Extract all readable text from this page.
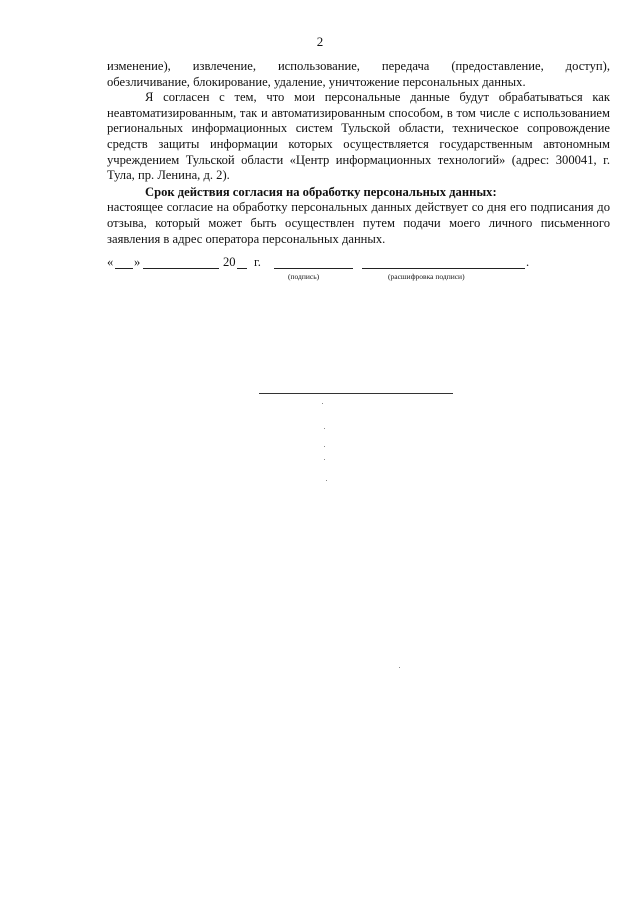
2

изменение),      извлечение,      использование,      передача      (предоставление,      доступ),
обезличивание, блокирование, удаление, уничтожение персональных данных.

Я согласен с тем, что мои персональные данные будут обрабатываться как неавтоматизированным, так и автоматизированным способом, в том числе с использованием региональных информационных систем Тульской области, техническое сопровождение средств защиты информации которых осуществляется государственным автономным учреждением Тульской области «Центр информационных технологий» (адрес: 300041, г. Тула, пр. Ленина, д. 2).

Срок действия согласия на обработку персональных данных:

настоящее согласие на обработку персональных данных действует со дня его подписания до отзыва, который может быть осуществлен путем подачи моего личного письменного заявления в адрес оператора персональных данных.

« »	20 г.	.
(подпись)	(расшифровка подписи)
